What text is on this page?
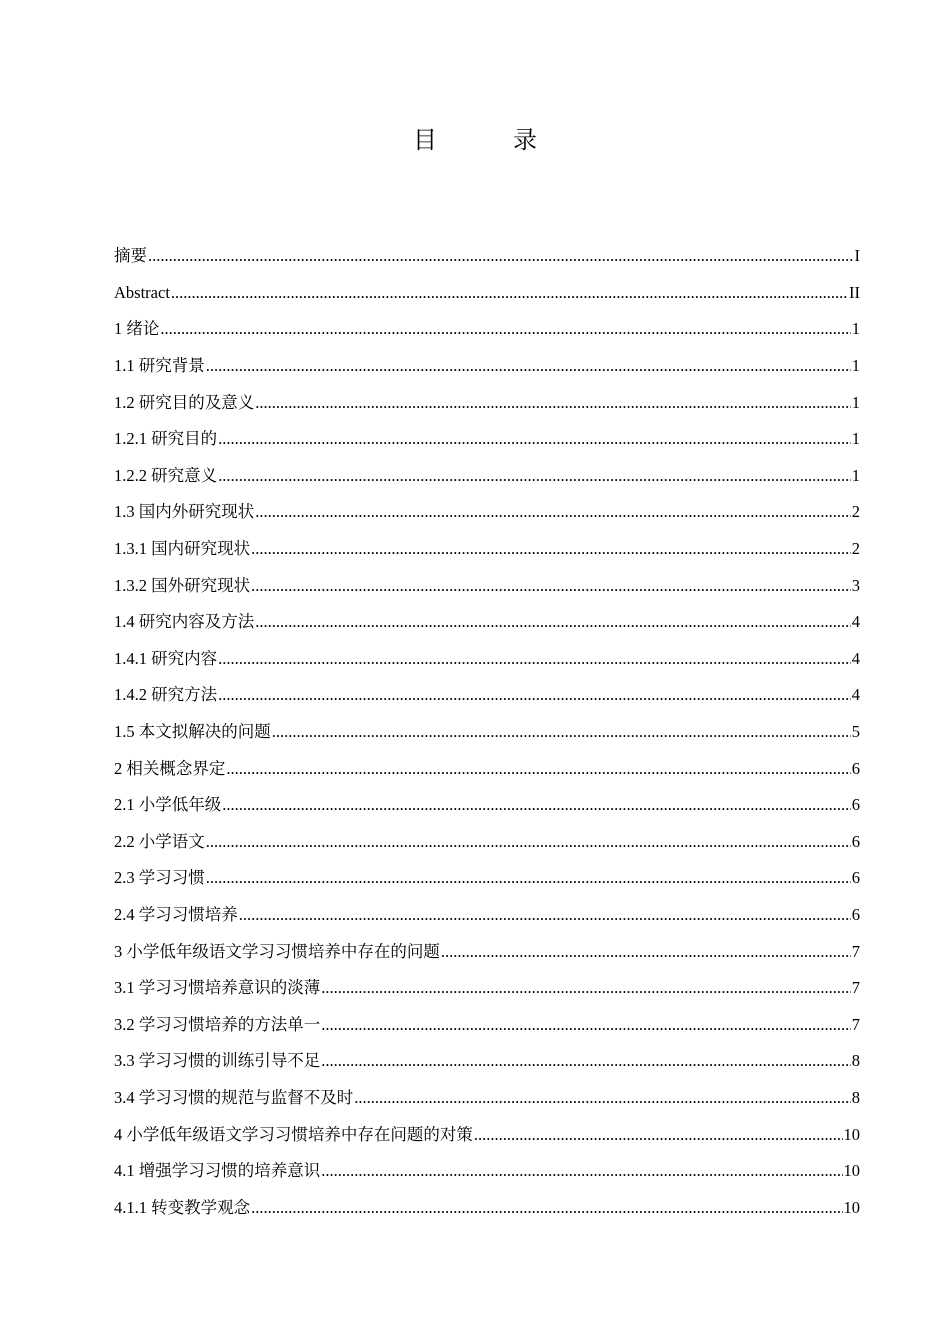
目　录
摘要 .....	I
Abstract .....	II
1 绪论 .....	1
1.1 研究背景 .....	1
1.2 研究目的及意义 .....	1
1.2.1 研究目的 .....	1
1.2.2 研究意义 .....	1
1.3 国内外研究现状 .....	2
1.3.1 国内研究现状 .....	2
1.3.2 国外研究现状 .....	3
1.4 研究内容及方法 .....	4
1.4.1 研究内容 .....	4
1.4.2 研究方法 .....	4
1.5 本文拟解决的问题 .....	5
2 相关概念界定 .....	6
2.1 小学低年级 .....	6
2.2 小学语文 .....	6
2.3 学习习惯 .....	6
2.4 学习习惯培养 .....	6
3 小学低年级语文学习习惯培养中存在的问题 .....	7
3.1 学习习惯培养意识的淡薄 .....	7
3.2 学习习惯培养的方法单一 .....	7
3.3 学习习惯的训练引导不足 .....	8
3.4 学习习惯的规范与监督不及时 .....	8
4 小学低年级语文学习习惯培养中存在问题的对策 .....	10
4.1 增强学习习惯的培养意识 .....	10
4.1.1 转变教学观念 .....	10
